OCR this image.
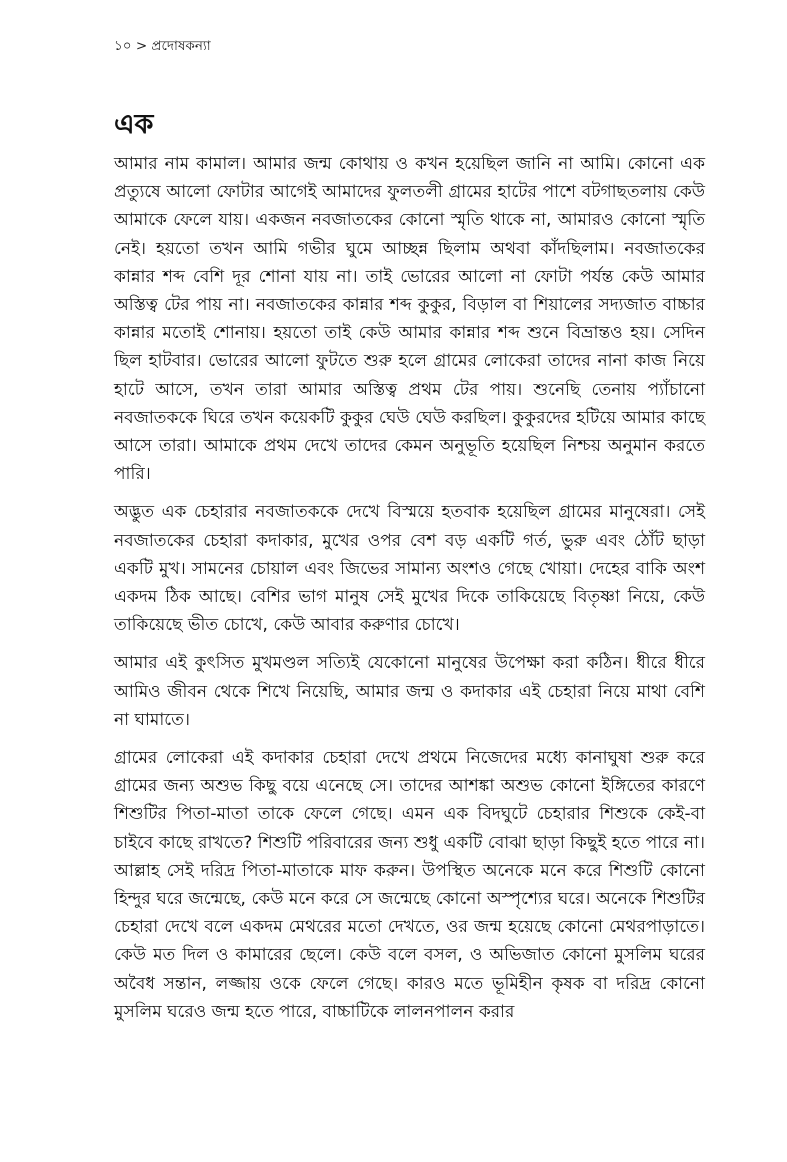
১০ > প্রদোষকন্যা
এক

আমার নাম কামাল। আমার জন্ম কোথায় ও কখন হয়েছিল জানি না আমি। কোনো এক প্রত্যুষে আলো ফোটার আগেই আমাদের ফুলতলী গ্রামের হাটের পাশে বটগাছতলায় কেউ আমাকে ফেলে যায়। একজন নবজাতকের কোনো স্মৃতি থাকে না, আমারও কোনো স্মৃতি নেই। হয়তো তখন আমি গভীর ঘুমে আচ্ছন্ন ছিলাম অথবা কাঁদছিলাম। নবজাতকের কান্নার শব্দ বেশি দূর শোনা যায় না। তাই ভোরের আলো না ফোটা পর্যন্ত কেউ আমার অস্তিত্ব টের পায় না। নবজাতকের কান্নার শব্দ কুকুর, বিড়াল বা শিয়ালের সদ্যজাত বাচ্চার কান্নার মতোই শোনায়। হয়তো তাই কেউ আমার কান্নার শব্দ শুনে বিভ্রান্তও হয়। সেদিন ছিল হাটবার। ভোরের আলো ফুটতে শুরু হলে গ্রামের লোকেরা তাদের নানা কাজ নিয়ে হাটে আসে, তখন তারা আমার অস্তিত্ব প্রথম টের পায়। শুনেছি তেনায় প্যাঁচানো নবজাতককে ঘিরে তখন কয়েকটি কুকুর ঘেউ ঘেউ করছিল। কুকুরদের হটিয়ে আমার কাছে আসে তারা। আমাকে প্রথম দেখে তাদের কেমন অনুভূতি হয়েছিল নিশ্চয় অনুমান করতে পারি।

অদ্ভুত এক চেহারার নবজাতককে দেখে বিস্ময়ে হতবাক হয়েছিল গ্রামের মানুষেরা। সেই নবজাতকের চেহারা কদাকার, মুখের ওপর বেশ বড় একটি গর্ত, ভুরু এবং ঠোঁট ছাড়া একটি মুখ। সামনের চোয়াল এবং জিভের সামান্য অংশও গেছে খোয়া। দেহের বাকি অংশ একদম ঠিক আছে। বেশির ভাগ মানুষ সেই মুখের দিকে তাকিয়েছে বিতৃষ্ণা নিয়ে, কেউ তাকিয়েছে ভীত চোখে, কেউ আবার করুণার চোখে।

আমার এই কুৎসিত মুখমণ্ডল সত্যিই যেকোনো মানুষের উপেক্ষা করা কঠিন। ধীরে ধীরে আমিও জীবন থেকে শিখে নিয়েছি, আমার জন্ম ও কদাকার এই চেহারা নিয়ে মাথা বেশি না ঘামাতে।

গ্রামের লোকেরা এই কদাকার চেহারা দেখে প্রথমে নিজেদের মধ্যে কানাঘুষা শুরু করে গ্রামের জন্য অশুভ কিছু বয়ে এনেছে সে। তাদের আশঙ্কা অশুভ কোনো ইঙ্গিতের কারণে শিশুটির পিতা-মাতা তাকে ফেলে গেছে। এমন এক বিদঘুটে চেহারার শিশুকে কেই-বা চাইবে কাছে রাখতে? শিশুটি পরিবারের জন্য শুধু একটি বোঝা ছাড়া কিছুই হতে পারে না। আল্লাহ সেই দরিদ্র পিতা-মাতাকে মাফ করুন। উপস্থিত অনেকে মনে করে শিশুটি কোনো হিন্দুর ঘরে জন্মেছে, কেউ মনে করে সে জন্মেছে কোনো অস্পৃশ্যের ঘরে। অনেকে শিশুটির চেহারা দেখে বলে একদম মেথরের মতো দেখতে, ওর জন্ম হয়েছে কোনো মেথরপাড়াতে। কেউ মত দিল ও কামারের ছেলে। কেউ বলে বসল, ও অভিজাত কোনো মুসলিম ঘরের অবৈধ সন্তান, লজ্জায় ওকে ফেলে গেছে। কারও মতে ভূমিহীন কৃষক বা দরিদ্র কোনো মুসলিম ঘরেও জন্ম হতে পারে, বাচ্চাটিকে লালনপালন করার
